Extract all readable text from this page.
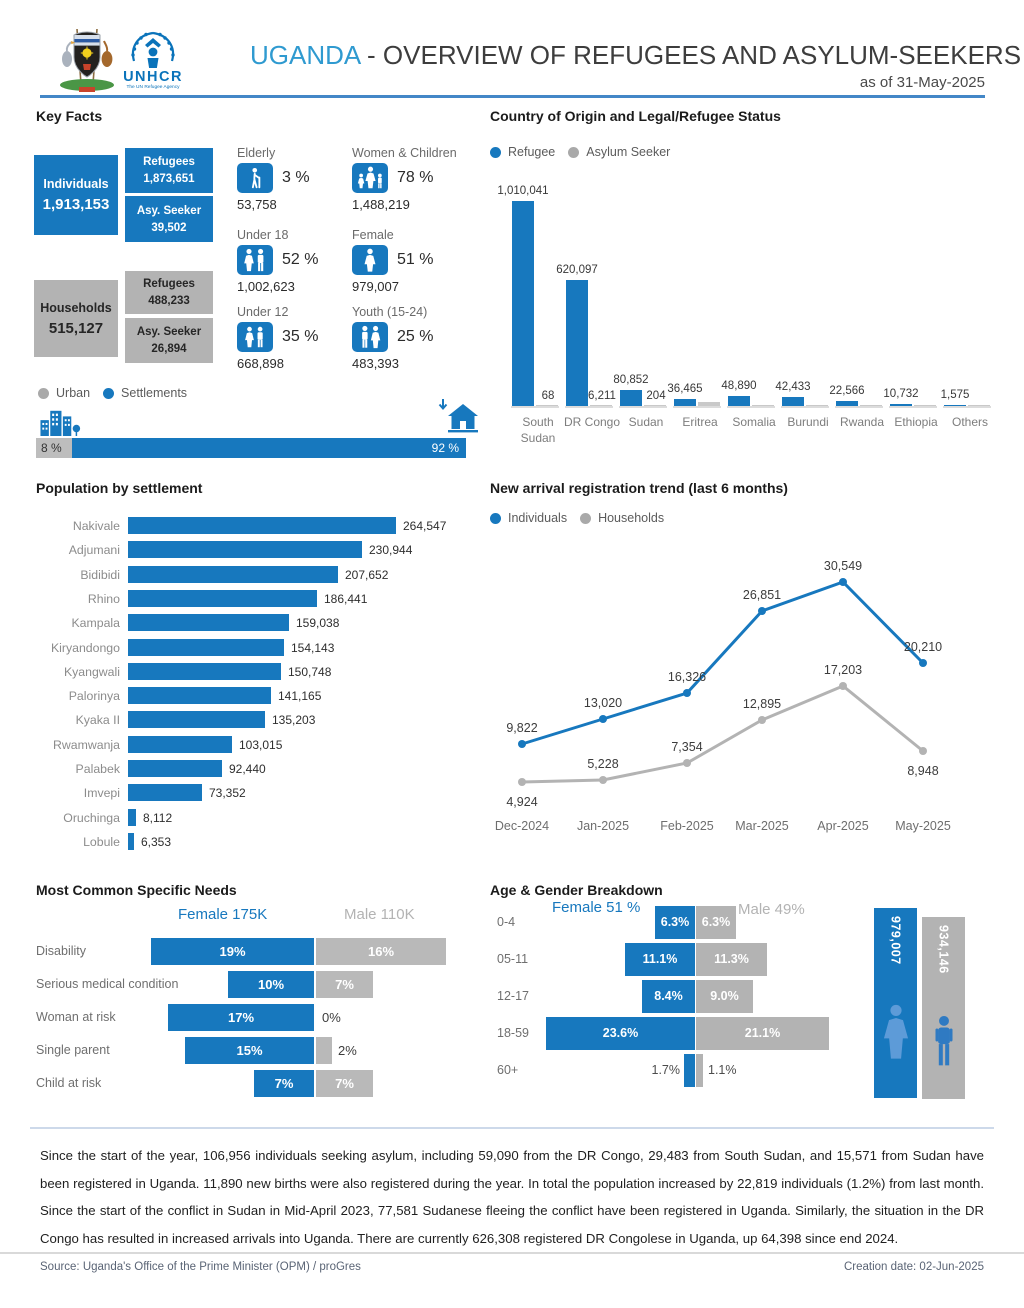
UNHCR
The UN Refugee Agency
UGANDA - OVERVIEW OF REFUGEES AND ASYLUM-SEEKERS
as of 31-May-2025
Key Facts
Individuals
1,913,153
Refugees
1,873,651
Asy. Seeker
39,502
Households
515,127
Refugees
488,233
Asy. Seeker
26,894
Elderly
3 %
53,758
Women & Children
78 %
1,488,219
Under 18
52 %
1,002,623
Female
51 %
979,007
Under 12
35 %
668,898
Youth (15-24)
25 %
483,393
Urban Settlements
8 %	92 %
Country of Origin and Legal/Refugee Status
Refugee Asylum Seeker
1,010,041
68
South Sudan
620,097
6,211
DR Congo
80,852
204
Sudan
36,465
Eritrea
48,890
Somalia
42,433
Burundi
22,566
Rwanda
10,732
Ethiopia
1,575
Others
Population by settlement
Nakivale	264,547
Adjumani	230,944
Bidibidi	207,652
Rhino	186,441
Kampala	159,038
Kiryandongo	154,143
Kyangwali	150,748
Palorinya	141,165
Kyaka II	135,203
Rwamwanja	103,015
Palabek	92,440
Imvepi	73,352
Oruchinga 8,112
Lobule 6,353
New arrival registration trend (last 6 months)
Individuals Households
4,924
5,228
7,354
12,895
17,203
8,948
9,822
13,020
16,326
26,851
30,549
20,210
Dec-2024 Jan-2025 Feb-2025 Mar-2025 Apr-2025 May-2025
Most Common Specific Needs
Female 175K	Male 110K
Disability	19%	16%
Serious medical condition	10%	7%
Woman at risk	17%	0%
Single parent	15%	2%
Child at risk	7%	7%
Age & Gender Breakdown
Female 51 %	Male 49%
0-4	6.3%	6.3%
05-11	11.1%	11.3%
12-17	8.4%	9.0%
18-59	23.6%	21.1%
60+	1.7% 1.1%
979,007	934,146
Since the start of the year, 106,956 individuals seeking asylum, including 59,090 from the DR Congo, 29,483 from South Sudan, and 15,571 from Sudan have been registered in Uganda. 11,890 new births were also registered during the year. In total the population increased by 22,819 individuals (1.2%) from last month. Since the start of the conflict in Sudan in Mid-April 2023, 77,581 Sudanese fleeing the conflict have been registered in Uganda. Similarly, the situation in the DR Congo has resulted in increased arrivals into Uganda. There are currently 626,308 registered DR Congolese in Uganda, up 64,398 since end 2024.
Source: Uganda's Office of the Prime Minister (OPM) / proGres	Creation date: 02-Jun-2025
